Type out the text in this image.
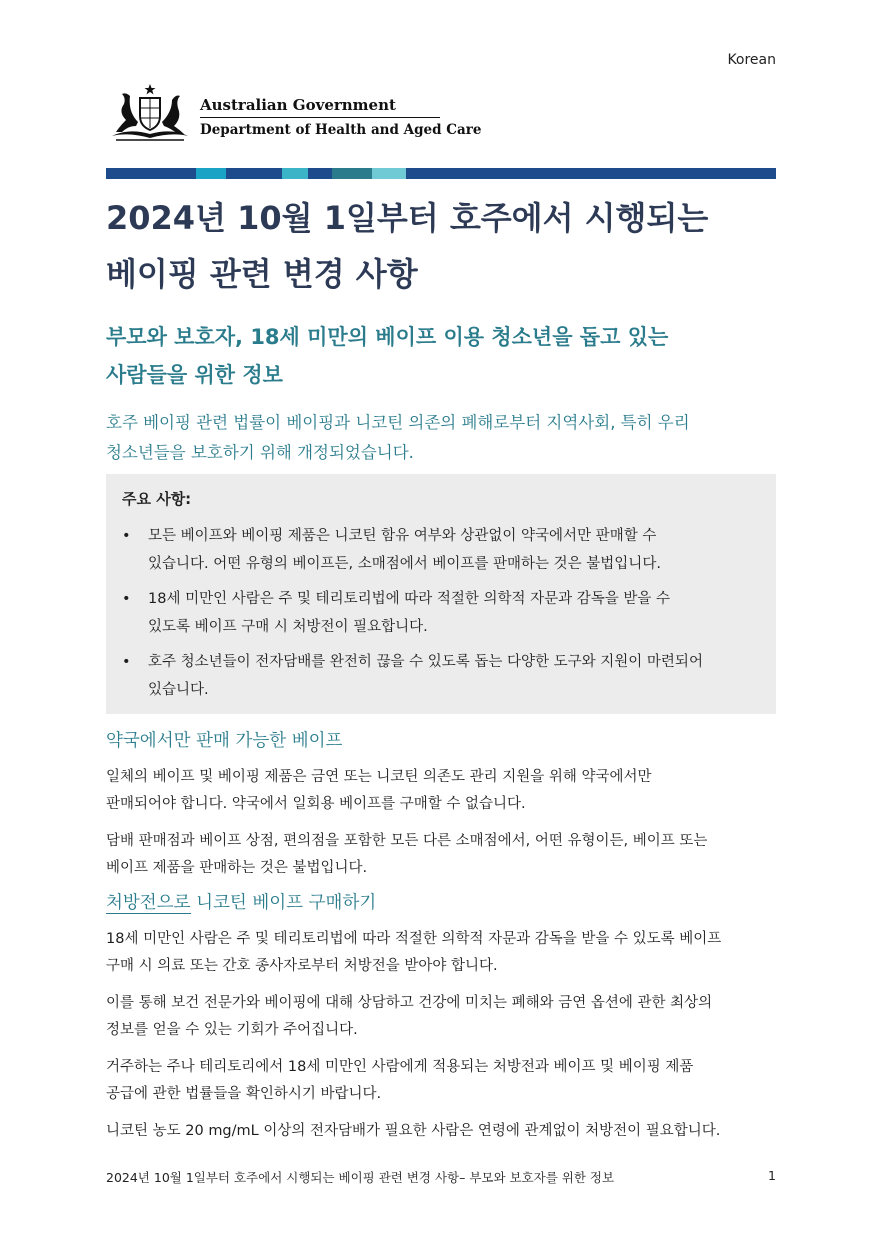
Korean
Australian Government
Department of Health and Aged Care
2024년 10월 1일부터 호주에서 시행되는
베이핑 관련 변경 사항
부모와 보호자, 18세 미만의 베이프 이용 청소년을 돕고 있는
사람들을 위한 정보

호주 베이핑 관련 법률이 베이핑과 니코틴 의존의 폐해로부터 지역사회, 특히 우리
청소년들을 보호하기 위해 개정되었습니다.

주요 사항:
• 모든 베이프와 베이핑 제품은 니코틴 함유 여부와 상관없이 약국에서만 판매할 수
있습니다. 어떤 유형의 베이프든, 소매점에서 베이프를 판매하는 것은 불법입니다.
• 18세 미만인 사람은 주 및 테리토리법에 따라 적절한 의학적 자문과 감독을 받을 수
있도록 베이프 구매 시 처방전이 필요합니다.
• 호주 청소년들이 전자담배를 완전히 끊을 수 있도록 돕는 다양한 도구와 지원이 마련되어
있습니다.
약국에서만 판매 가능한 베이프

일체의 베이프 및 베이핑 제품은 금연 또는 니코틴 의존도 관리 지원을 위해 약국에서만
판매되어야 합니다. 약국에서 일회용 베이프를 구매할 수 없습니다.

담배 판매점과 베이프 상점, 편의점을 포함한 모든 다른 소매점에서, 어떤 유형이든, 베이프 또는
베이프 제품을 판매하는 것은 불법입니다.

처방전으로 니코틴 베이프 구매하기

18세 미만인 사람은 주 및 테리토리법에 따라 적절한 의학적 자문과 감독을 받을 수 있도록 베이프
구매 시 의료 또는 간호 종사자로부터 처방전을 받아야 합니다.

이를 통해 보건 전문가와 베이핑에 대해 상담하고 건강에 미치는 폐해와 금연 옵션에 관한 최상의
정보를 얻을 수 있는 기회가 주어집니다.

거주하는 주나 테리토리에서 18세 미만인 사람에게 적용되는 처방전과 베이프 및 베이핑 제품
공급에 관한 법률들을 확인하시기 바랍니다.

니코틴 농도 20 mg/mL 이상의 전자담배가 필요한 사람은 연령에 관계없이 처방전이 필요합니다.

2024년 10월 1일부터 호주에서 시행되는 베이핑 관련 변경 사항– 부모와 보호자를 위한 정보	1
